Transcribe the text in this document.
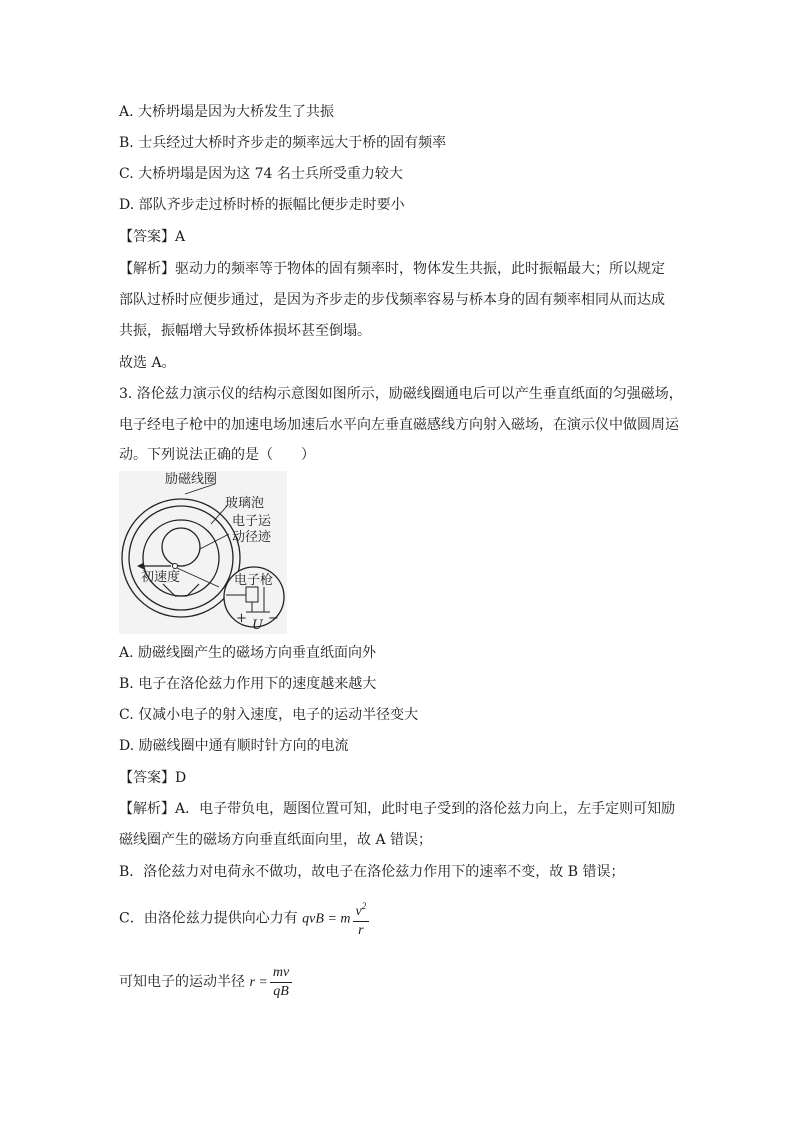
A. 大桥坍塌是因为大桥发生了共振
B. 士兵经过大桥时齐步走的频率远大于桥的固有频率
C. 大桥坍塌是因为这 74 名士兵所受重力较大
D. 部队齐步走过桥时桥的振幅比便步走时要小
【答案】A
【解析】驱动力的频率等于物体的固有频率时，物体发生共振，此时振幅最大；所以规定
部队过桥时应便步通过，是因为齐步走的步伐频率容易与桥本身的固有频率相同从而达成
共振，振幅增大导致桥体损坏甚至倒塌。
故选 A。
3. 洛伦兹力演示仪的结构示意图如图所示，励磁线圈通电后可以产生垂直纸面的匀强磁场，
电子经电子枪中的加速电场加速后水平向左垂直磁感线方向射入磁场，在演示仪中做圆周运
动。下列说法正确的是（　　）
励磁线圈
玻璃泡
电子运
动径迹
初速度	电子枪
+ U −
A. 励磁线圈产生的磁场方向垂直纸面向外
B. 电子在洛伦兹力作用下的速度越来越大
C. 仅减小电子的射入速度，电子的运动半径变大
D. 励磁线圈中通有顺时针方向的电流
【答案】D
【解析】A．电子带负电，题图位置可知，此时电子受到的洛伦兹力向上，左手定则可知励
磁线圈产生的磁场方向垂直纸面向里，故 A 错误；
B．洛伦兹力对电荷永不做功，故电子在洛伦兹力作用下的速率不变，故 B 错误；
C．由洛伦兹力提供向心力有 qvB = m $\frac{v^2}{r}$
可知电子的运动半径 $r = \frac{mv}{qB}$
